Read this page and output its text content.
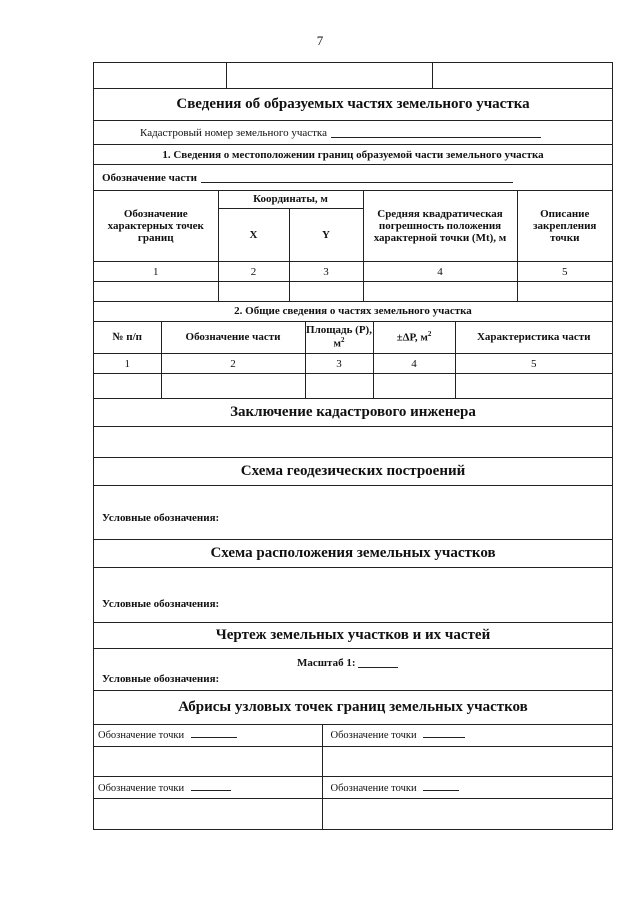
7

Сведения об образуемых частях земельного участка
Кадастровый номер земельного участка
1. Сведения о местоположении границ образуемой части земельного участка
Обозначение части
Обозначение характерных точек границ	Координаты, м		Средняя квадратическая погрешность положения характерной точки (Mt), м	Описание закрепления точки
	X	Y		
1	2	3	4	5

2. Общие сведения о частях земельного участка
№ п/п	Обозначение части	Площадь (Р), $м^2$	±ΔР, $м^2$	Характеристика части
1	2	3	4	5

Заключение кадастрового инженера
Схема геодезических построений
Условные обозначения:
Схема расположения земельных участков
Условные обозначения:
Чертеж земельных участков и их частей
Масштаб 1:
Условные обозначения:
Абрисы узловых точек границ земельных участков
Обозначение точки	Обозначение точки

Обозначение точки	Обозначение точки
